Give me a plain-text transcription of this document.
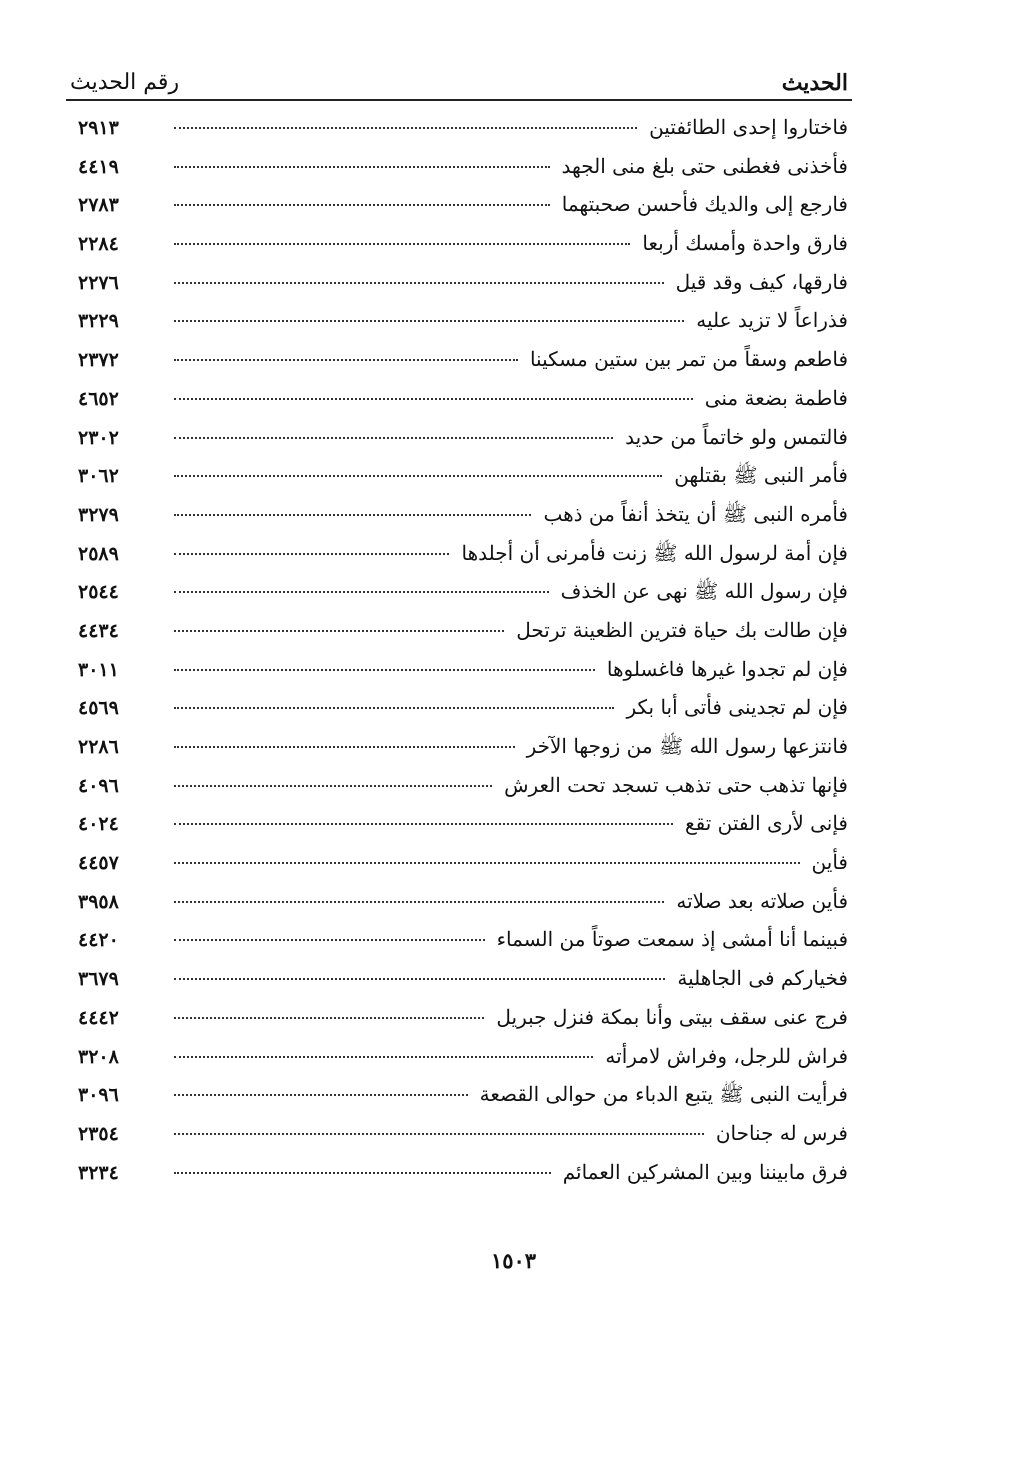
الحديث
رقم الحديث
فاختاروا إحدى الطائفتين
٢٩١٣
فأخذنى فغطنى حتى بلغ منى الجهد
٤٤١٩
فارجع إلى والديك فأحسن صحبتهما
٢٧٨٣
فارق واحدة وأمسك أربعا
٢٢٨٤
فارقها، كيف وقد قيل
٢٢٧٦
فذراعاً لا تزيد عليه
٣٢٢٩
فاطعم وسقاً من تمر بين ستين مسكينا
٢٣٧٢
فاطمة بضعة منى
٤٦٥٢
فالتمس ولو خاتماً من حديد
٢٣٠٢
فأمر النبى ﷺ بقتلهن
٣٠٦٢
فأمره النبى ﷺ أن يتخذ أنفاً من ذهب
٣٢٧٩
فإن أمة لرسول الله ﷺ زنت فأمرنى أن أجلدها
٢٥٨٩
فإن رسول الله ﷺ نهى عن الخذف
٢٥٤٤
فإن طالت بك حياة فترين الظعينة ترتحل
٤٤٣٤
فإن لم تجدوا غيرها فاغسلوها
٣٠١١
فإن لم تجدينى فأتى أبا بكر
٤٥٦٩
فانتزعها رسول الله ﷺ من زوجها الآخر
٢٢٨٦
فإنها تذهب حتى تذهب تسجد تحت العرش
٤٠٩٦
فإنى لأرى الفتن تقع
٤٠٢٤
فأين
٤٤٥٧
فأين صلاته بعد صلاته
٣٩٥٨
فبينما أنا أمشى إذ سمعت صوتاً من السماء
٤٤٢٠
فخياركم فى الجاهلية
٣٦٧٩
فرج عنى سقف بيتى وأنا بمكة فنزل جبريل
٤٤٤٢
فراش للرجل، وفراش لامرأته
٣٢٠٨
فرأيت النبى ﷺ يتبع الدباء من حوالى القصعة
٣٠٩٦
فرس له جناحان
٢٣٥٤
فرق مابيننا وبين المشركين العمائم
٣٢٣٤
١٥٠٣
